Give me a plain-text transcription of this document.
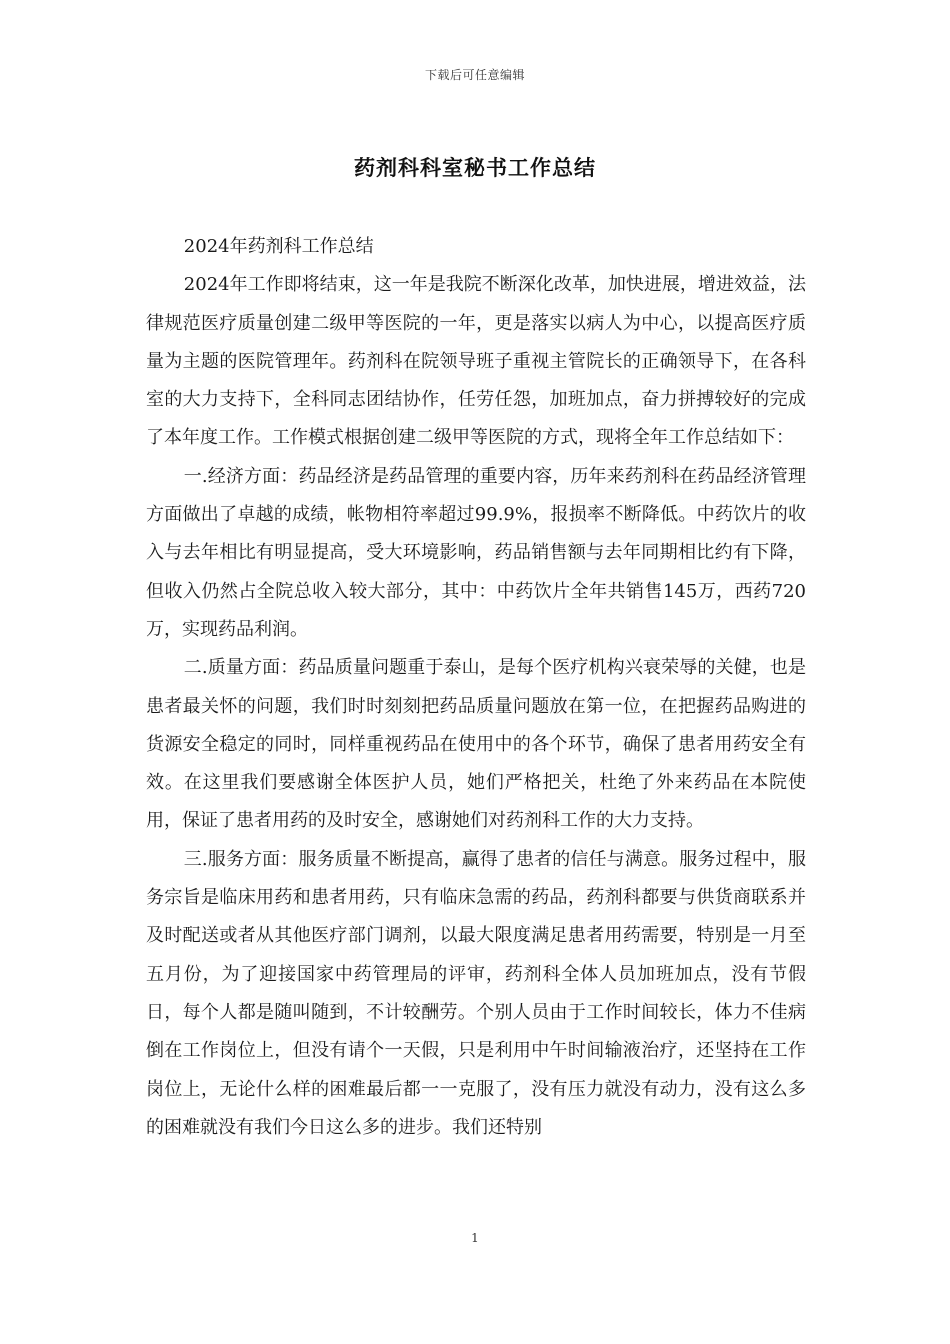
下载后可任意编辑
药剂科科室秘书工作总结

2024年药剂科工作总结

2024年工作即将结束，这一年是我院不断深化改革，加快进展，增进效益，法律规范医疗质量创建二级甲等医院的一年，更是落实以病人为中心，以提高医疗质量为主题的医院管理年。药剂科在院领导班子重视主管院长的正确领导下，在各科室的大力支持下，全科同志团结协作，任劳任怨，加班加点，奋力拼搏较好的完成了本年度工作。工作模式根据创建二级甲等医院的方式，现将全年工作总结如下：

一.经济方面：药品经济是药品管理的重要内容，历年来药剂科在药品经济管理方面做出了卓越的成绩，帐物相符率超过99.9%，报损率不断降低。中药饮片的收入与去年相比有明显提高，受大环境影响，药品销售额与去年同期相比约有下降，但收入仍然占全院总收入较大部分，其中：中药饮片全年共销售145万，西药720万，实现药品利润。

二.质量方面：药品质量问题重于泰山，是每个医疗机构兴衰荣辱的关健，也是患者最关怀的问题，我们时时刻刻把药品质量问题放在第一位，在把握药品购进的货源安全稳定的同时，同样重视药品在使用中的各个环节，确保了患者用药安全有效。在这里我们要感谢全体医护人员，她们严格把关，杜绝了外来药品在本院使用，保证了患者用药的及时安全，感谢她们对药剂科工作的大力支持。

三.服务方面：服务质量不断提高，赢得了患者的信任与满意。服务过程中，服务宗旨是临床用药和患者用药，只有临床急需的药品，药剂科都要与供货商联系并及时配送或者从其他医疗部门调剂，以最大限度满足患者用药需要，特别是一月至五月份，为了迎接国家中药管理局的评审，药剂科全体人员加班加点，没有节假日，每个人都是随叫随到，不计较酬劳。个别人员由于工作时间较长，体力不佳病倒在工作岗位上，但没有请个一天假，只是利用中午时间输液治疗，还坚持在工作岗位上，无论什么样的困难最后都一一克服了，没有压力就没有动力，没有这么多的困难就没有我们今日这么多的进步。我们还特别

1
